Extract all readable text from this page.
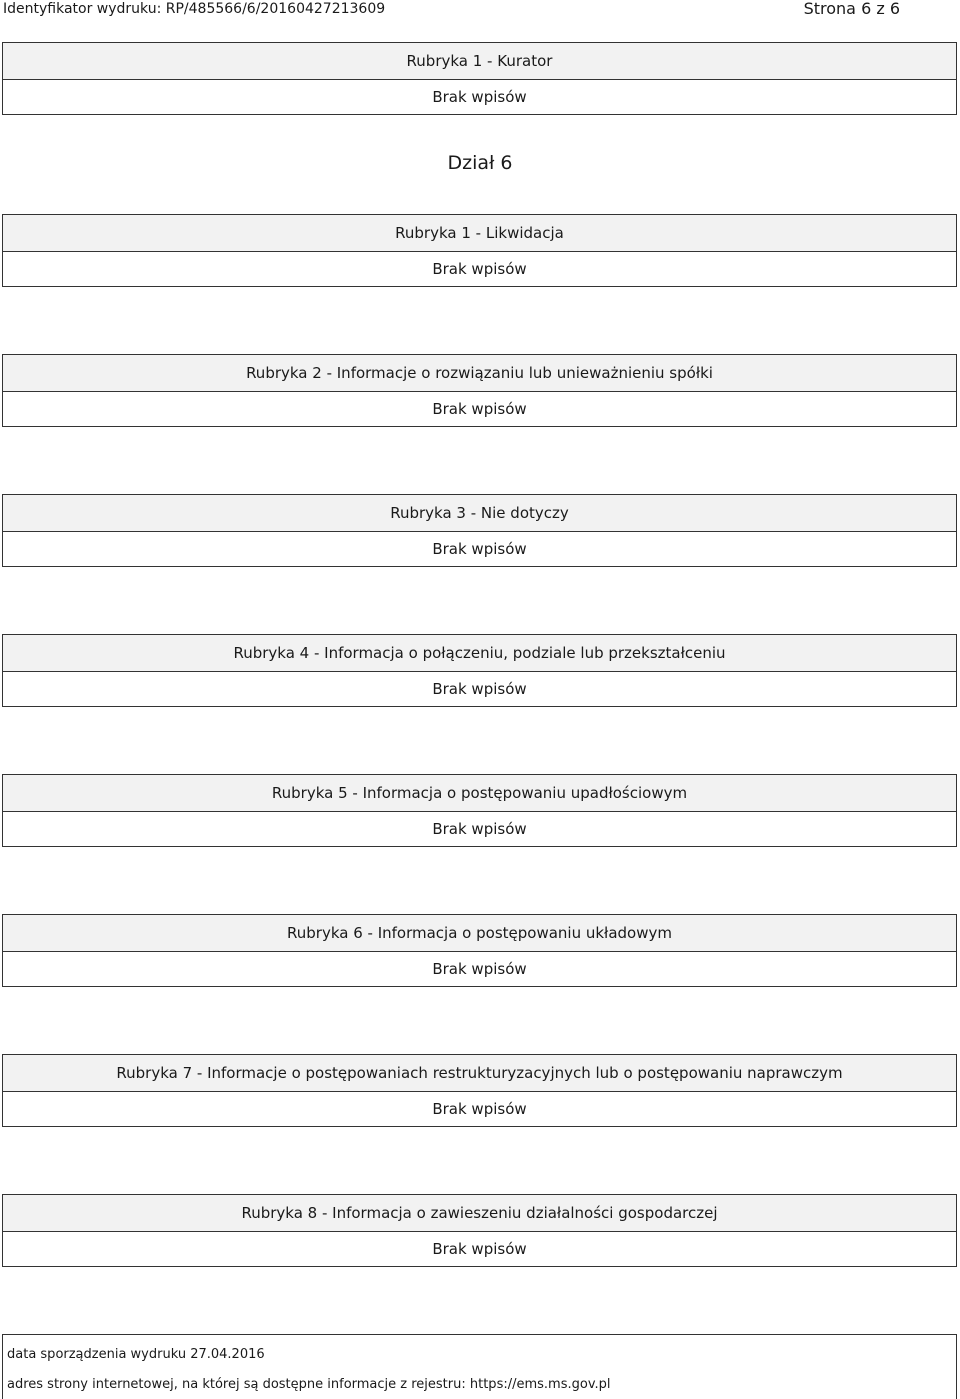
Identyfikator wydruku: RP/485566/6/20160427213609	Strona 6 z 6
Rubryka 1 - Kurator
Brak wpisów
Dział 6
Rubryka 1 - Likwidacja
Brak wpisów
Rubryka 2 - Informacje o rozwiązaniu lub unieważnieniu spółki
Brak wpisów
Rubryka 3 - Nie dotyczy
Brak wpisów
Rubryka 4 - Informacja o połączeniu, podziale lub przekształceniu
Brak wpisów
Rubryka 5 - Informacja o postępowaniu upadłościowym
Brak wpisów
Rubryka 6 - Informacja o postępowaniu układowym
Brak wpisów
Rubryka 7 - Informacje o postępowaniach restrukturyzacyjnych lub o postępowaniu naprawczym
Brak wpisów
Rubryka 8 - Informacja o zawieszeniu działalności gospodarczej
Brak wpisów
data sporządzenia wydruku 27.04.2016
adres strony internetowej, na której są dostępne informacje z rejestru: https://ems.ms.gov.pl
